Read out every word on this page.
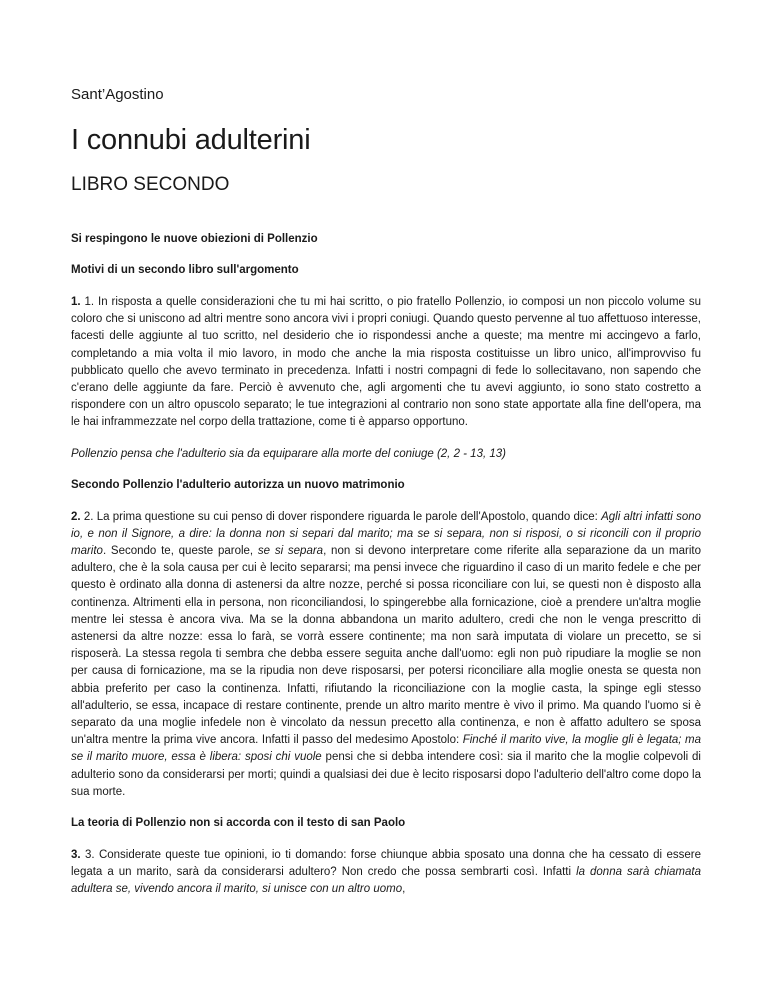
Sant’Agostino
I connubi adulterini
LIBRO SECONDO
Si respingono le nuove obiezioni di Pollenzio
Motivi di un secondo libro sull'argomento

1. 1. In risposta a quelle considerazioni che tu mi hai scritto, o pio fratello Pollenzio, io composi un non piccolo volume su coloro che si uniscono ad altri mentre sono ancora vivi i propri coniugi. Quando questo pervenne al tuo affettuoso interesse, facesti delle aggiunte al tuo scritto, nel desiderio che io rispondessi anche a queste; ma mentre mi accingevo a farlo, completando a mia volta il mio lavoro, in modo che anche la mia risposta costituisse un libro unico, all'improvviso fu pubblicato quello che avevo terminato in precedenza. Infatti i nostri compagni di fede lo sollecitavano, non sapendo che c'erano delle aggiunte da fare. Perciò è avvenuto che, agli argomenti che tu avevi aggiunto, io sono stato costretto a rispondere con un altro opuscolo separato; le tue integrazioni al contrario non sono state apportate alla fine dell'opera, ma le hai inframmezzate nel corpo della trattazione, come ti è apparso opportuno.

Pollenzio pensa che l'adulterio sia da equiparare alla morte del coniuge (2, 2 - 13, 13)
Secondo Pollenzio l'adulterio autorizza un nuovo matrimonio

2. 2. La prima questione su cui penso di dover rispondere riguarda le parole dell'Apostolo, quando dice: Agli altri infatti sono io, e non il Signore, a dire: la donna non si separi dal marito; ma se si separa, non si risposi, o si riconcili con il proprio marito. Secondo te, queste parole, se si separa, non si devono interpretare come riferite alla separazione da un marito adultero, che è la sola causa per cui è lecito separarsi; ma pensi invece che riguardino il caso di un marito fedele e che per questo è ordinato alla donna di astenersi da altre nozze, perché si possa riconciliare con lui, se questi non è disposto alla continenza. Altrimenti ella in persona, non riconciliandosi, lo spingerebbe alla fornicazione, cioè a prendere un'altra moglie mentre lei stessa è ancora viva. Ma se la donna abbandona un marito adultero, credi che non le venga prescritto di astenersi da altre nozze: essa lo farà, se vorrà essere continente; ma non sarà imputata di violare un precetto, se si risposerà. La stessa regola ti sembra che debba essere seguita anche dall'uomo: egli non può ripudiare la moglie se non per causa di fornicazione, ma se la ripudia non deve risposarsi, per potersi riconciliare alla moglie onesta se questa non abbia preferito per caso la continenza. Infatti, rifiutando la riconciliazione con la moglie casta, la spinge egli stesso all'adulterio, se essa, incapace di restare continente, prende un altro marito mentre è vivo il primo. Ma quando l'uomo si è separato da una moglie infedele non è vincolato da nessun precetto alla continenza, e non è affatto adultero se sposa un'altra mentre la prima vive ancora. Infatti il passo del medesimo Apostolo: Finché il marito vive, la moglie gli è legata; ma se il marito muore, essa è libera: sposi chi vuole pensi che si debba intendere così: sia il marito che la moglie colpevoli di adulterio sono da considerarsi per morti; quindi a qualsiasi dei due è lecito risposarsi dopo l'adulterio dell'altro come dopo la sua morte.

La teoria di Pollenzio non si accorda con il testo di san Paolo

3. 3. Considerate queste tue opinioni, io ti domando: forse chiunque abbia sposato una donna che ha cessato di essere legata a un marito, sarà da considerarsi adultero? Non credo che possa sembrarti così. Infatti la donna sarà chiamata adultera se, vivendo ancora il marito, si unisce con un altro uomo,
